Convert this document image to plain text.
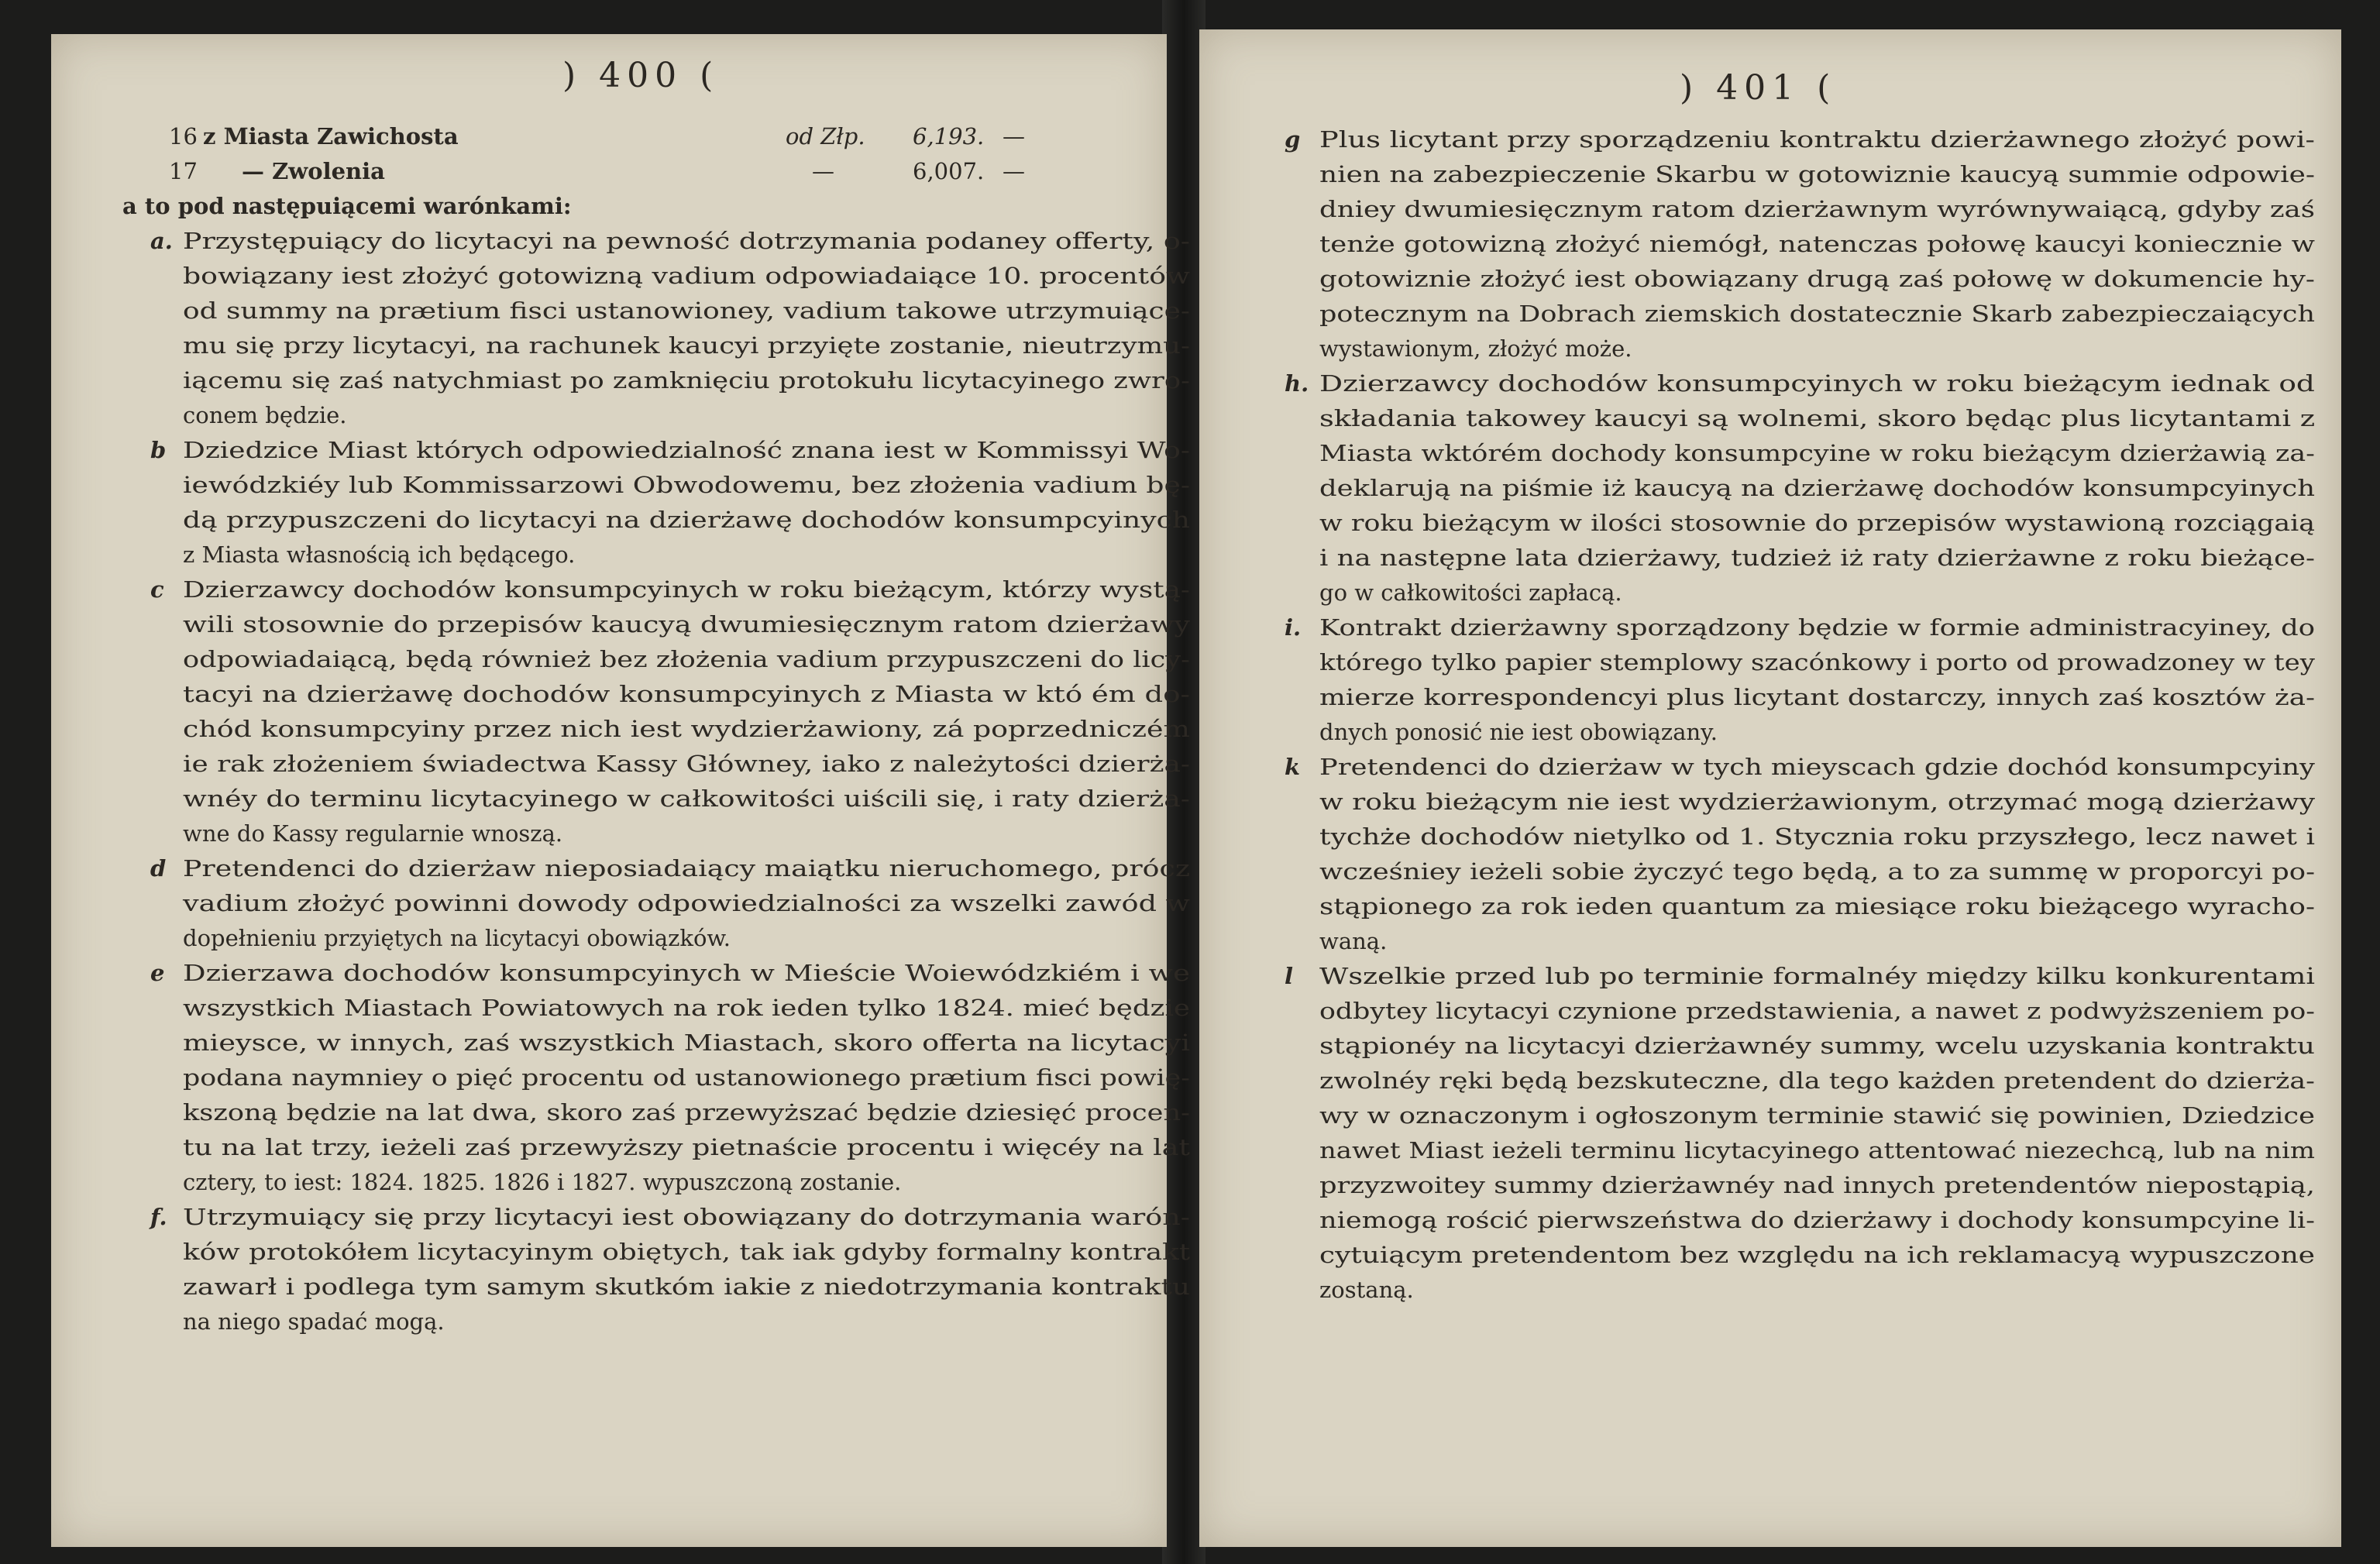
) 400 (
16 z Miasta Zawichosta	od Złp. 6,193. —
17 — Zwolenia	—	6,007. —
a to pod następuiącemi warónkami:
a. Przystępuiący do licytacyi na pewność dotrzymania podaney offerty, o-
bowiązany iest złożyć gotowizną vadium odpowiadaiące 10. procentów
od summy na prætium fisci ustanowioney, vadium takowe utrzymuiące-
mu się przy licytacyi, na rachunek kaucyi przyięte zostanie, nieutrzymu-
iącemu się zaś natychmiast po zamknięciu protokułu licytacyinego zwro-
conem będzie.
b Dziedzice Miast których odpowiedzialność znana iest w Kommissyi Wo-
iewódzkiéy lub Kommissarzowi Obwodowemu, bez złożenia vadium bę-
dą przypuszczeni do licytacyi na dzierżawę dochodów konsumpcyinych
z Miasta własnością ich będącego.
c Dzierzawcy dochodów konsumpcyinych w roku bieżącym, którzy wystą-
wili stosownie do przepisów kaucyą dwumiesięcznym ratom dzierżawy
odpowiadaiącą, będą również bez złożenia vadium przypuszczeni do licy-
tacyi na dzierżawę dochodów konsumpcyinych z Miasta w któ ém do-
chód konsumpcyiny przez nich iest wydzierżawiony, zá poprzedniczém
ie rak złożeniem świadectwa Kassy Główney, iako z należytości dzierża-
wnéy do terminu licytacyinego w całkowitości uiścili się, i raty dzierża-
wne do Kassy regularnie wnoszą.
d Pretendenci do dzierżaw nieposiadaiący maiątku nieruchomego, prócz
vadium złożyć powinni dowody odpowiedzialności za wszelki zawód w
dopełnieniu przyiętych na licytacyi obowiązków.
e Dzierzawa dochodów konsumpcyinych w Mieście Woiewódzkiém i we
wszystkich Miastach Powiatowych na rok ieden tylko 1824. mieć będzie
mieysce, w innych, zaś wszystkich Miastach, skoro offerta na licytacyi
podana naymniey o pięć procentu od ustanowionego prætium fisci powię-
kszoną będzie na lat dwa, skoro zaś przewyższać będzie dziesięć procen-
tu na lat trzy, ieżeli zaś przewyższy pietnaście procentu i więcéy na lat
cztery, to iest: 1824. 1825. 1826 i 1827. wypuszczoną zostanie.
f. Utrzymuiący się przy licytacyi iest obowiązany do dotrzymania warón-
ków protokółem licytacyinym obiętych, tak iak gdyby formalny kontrakt
zawarł i podlega tym samym skutkóm iakie z niedotrzymania kontraktu
na niego spadać mogą.
) 401 (
g Plus licytant przy sporządzeniu kontraktu dzierżawnego złożyć powi-
nien na zabezpieczenie Skarbu w gotowiznie kaucyą summie odpowie-
dniey dwumiesięcznym ratom dzierżawnym wyrównywaiącą, gdyby zaś
tenże gotowizną złożyć niemógł, natenczas połowę kaucyi koniecznie w
gotowiznie złożyć iest obowiązany drugą zaś połowę w dokumencie hy-
potecznym na Dobrach ziemskich dostatecznie Skarb zabezpieczaiących
wystawionym, złożyć może.
h. Dzierzawcy dochodów konsumpcyinych w roku bieżącym iednak od
składania takowey kaucyi są wolnemi, skoro będąc plus licytantami z
Miasta wktórém dochody konsumpcyine w roku bieżącym dzierżawią za-
deklarują na piśmie iż kaucyą na dzierżawę dochodów konsumpcyinych
w roku bieżącym w ilości stosownie do przepisów wystawioną rozciągaią
i na następne lata dzierżawy, tudzież iż raty dzierżawne z roku bieżące-
go w całkowitości zapłacą.
i. Kontrakt dzierżawny sporządzony będzie w formie administracyiney, do
którego tylko papier stemplowy szacónkowy i porto od prowadzoney w tey
mierze korrespondencyi plus licytant dostarczy, innych zaś kosztów ża-
dnych ponosić nie iest obowiązany.
k Pretendenci do dzierżaw w tych mieyscach gdzie dochód konsumpcyiny
w roku bieżącym nie iest wydzierżawionym, otrzymać mogą dzierżawy
tychże dochodów nietylko od 1. Stycznia roku przyszłego, lecz nawet i
wcześniey ieżeli sobie życzyć tego będą, a to za summę w proporcyi po-
stąpionego za rok ieden quantum za miesiące roku bieżącego wyracho-
waną.
l Wszelkie przed lub po terminie formalnéy między kilku konkurentami
odbytey licytacyi czynione przedstawienia, a nawet z podwyższeniem po-
stąpionéy na licytacyi dzierżawnéy summy, wcelu uzyskania kontraktu
zwolnéy ręki będą bezskuteczne, dla tego każden pretendent do dzierża-
wy w oznaczonym i ogłoszonym terminie stawić się powinien, Dziedzice
nawet Miast ieżeli terminu licytacyinego attentować niezechcą, lub na nim
przyzwoitey summy dzierżawnéy nad innych pretendentów niepostąpią,
niemogą rościć pierwszeństwa do dzierżawy i dochody konsumpcyine li-
cytuiącym pretendentom bez względu na ich reklamacyą wypuszczone
zostaną.
